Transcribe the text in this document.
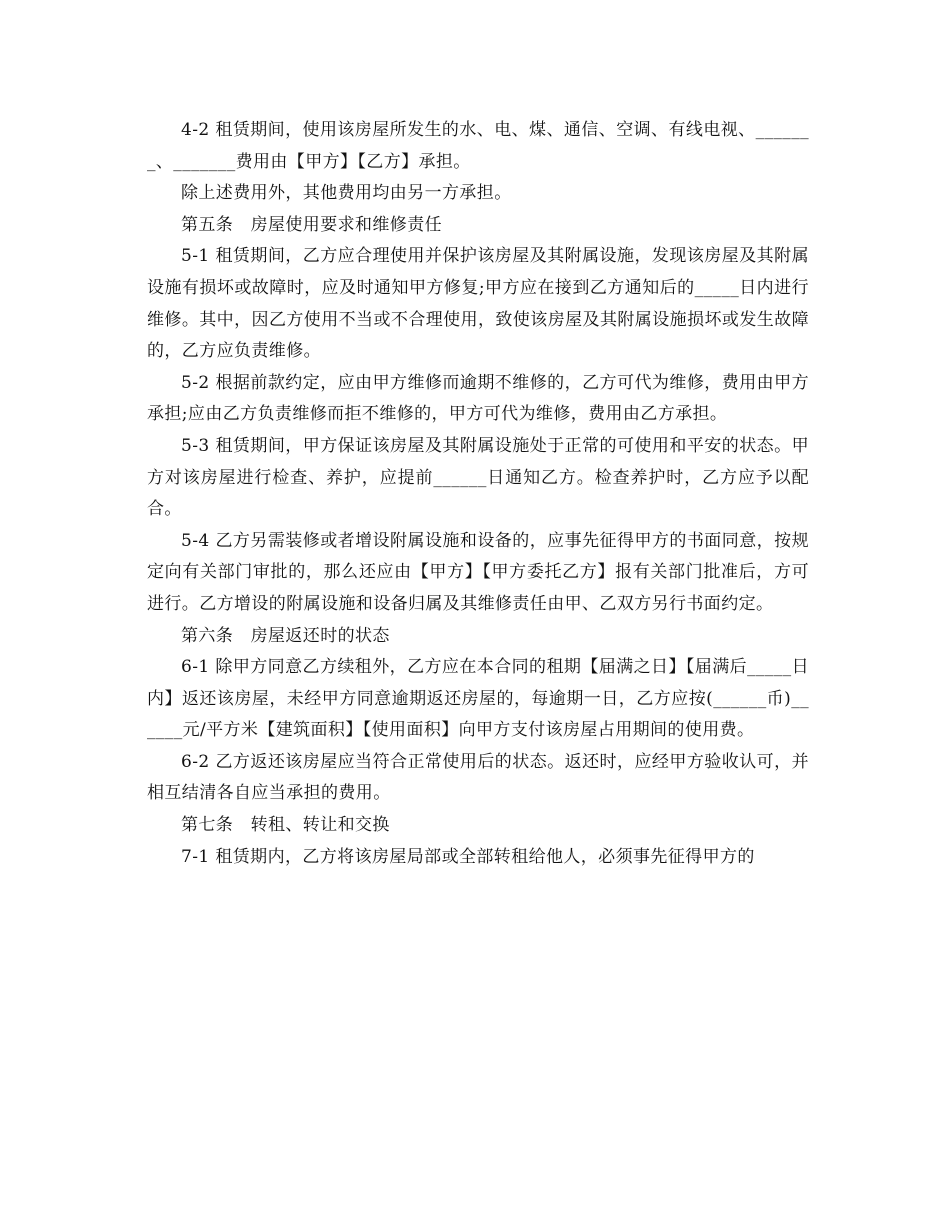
4-2 租赁期间，使用该房屋所发生的水、电、煤、通信、空调、有线电视、_______、_______费用由【甲方】【乙方】承担。

除上述费用外，其他费用均由另一方承担。

第五条　房屋使用要求和维修责任

5-1 租赁期间，乙方应合理使用并保护该房屋及其附属设施，发现该房屋及其附属设施有损坏或故障时，应及时通知甲方修复;甲方应在接到乙方通知后的_____日内进行维修。其中，因乙方使用不当或不合理使用，致使该房屋及其附属设施损坏或发生故障的，乙方应负责维修。

5-2 根据前款约定，应由甲方维修而逾期不维修的，乙方可代为维修，费用由甲方承担;应由乙方负责维修而拒不维修的，甲方可代为维修，费用由乙方承担。

5-3 租赁期间，甲方保证该房屋及其附属设施处于正常的可使用和平安的状态。甲方对该房屋进行检查、养护，应提前______日通知乙方。检查养护时，乙方应予以配合。

5-4 乙方另需装修或者增设附属设施和设备的，应事先征得甲方的书面同意，按规定向有关部门审批的，那么还应由【甲方】【甲方委托乙方】报有关部门批准后，方可进行。乙方增设的附属设施和设备归属及其维修责任由甲、乙双方另行书面约定。

第六条　房屋返还时的状态

6-1 除甲方同意乙方续租外，乙方应在本合同的租期【届满之日】【届满后_____日内】返还该房屋，未经甲方同意逾期返还房屋的，每逾期一日，乙方应按(______币)______元/平方米【建筑面积】【使用面积】向甲方支付该房屋占用期间的使用费。

6-2 乙方返还该房屋应当符合正常使用后的状态。返还时，应经甲方验收认可，并相互结清各自应当承担的费用。

第七条　转租、转让和交换

7-1 租赁期内，乙方将该房屋局部或全部转租给他人，必须事先征得甲方的
